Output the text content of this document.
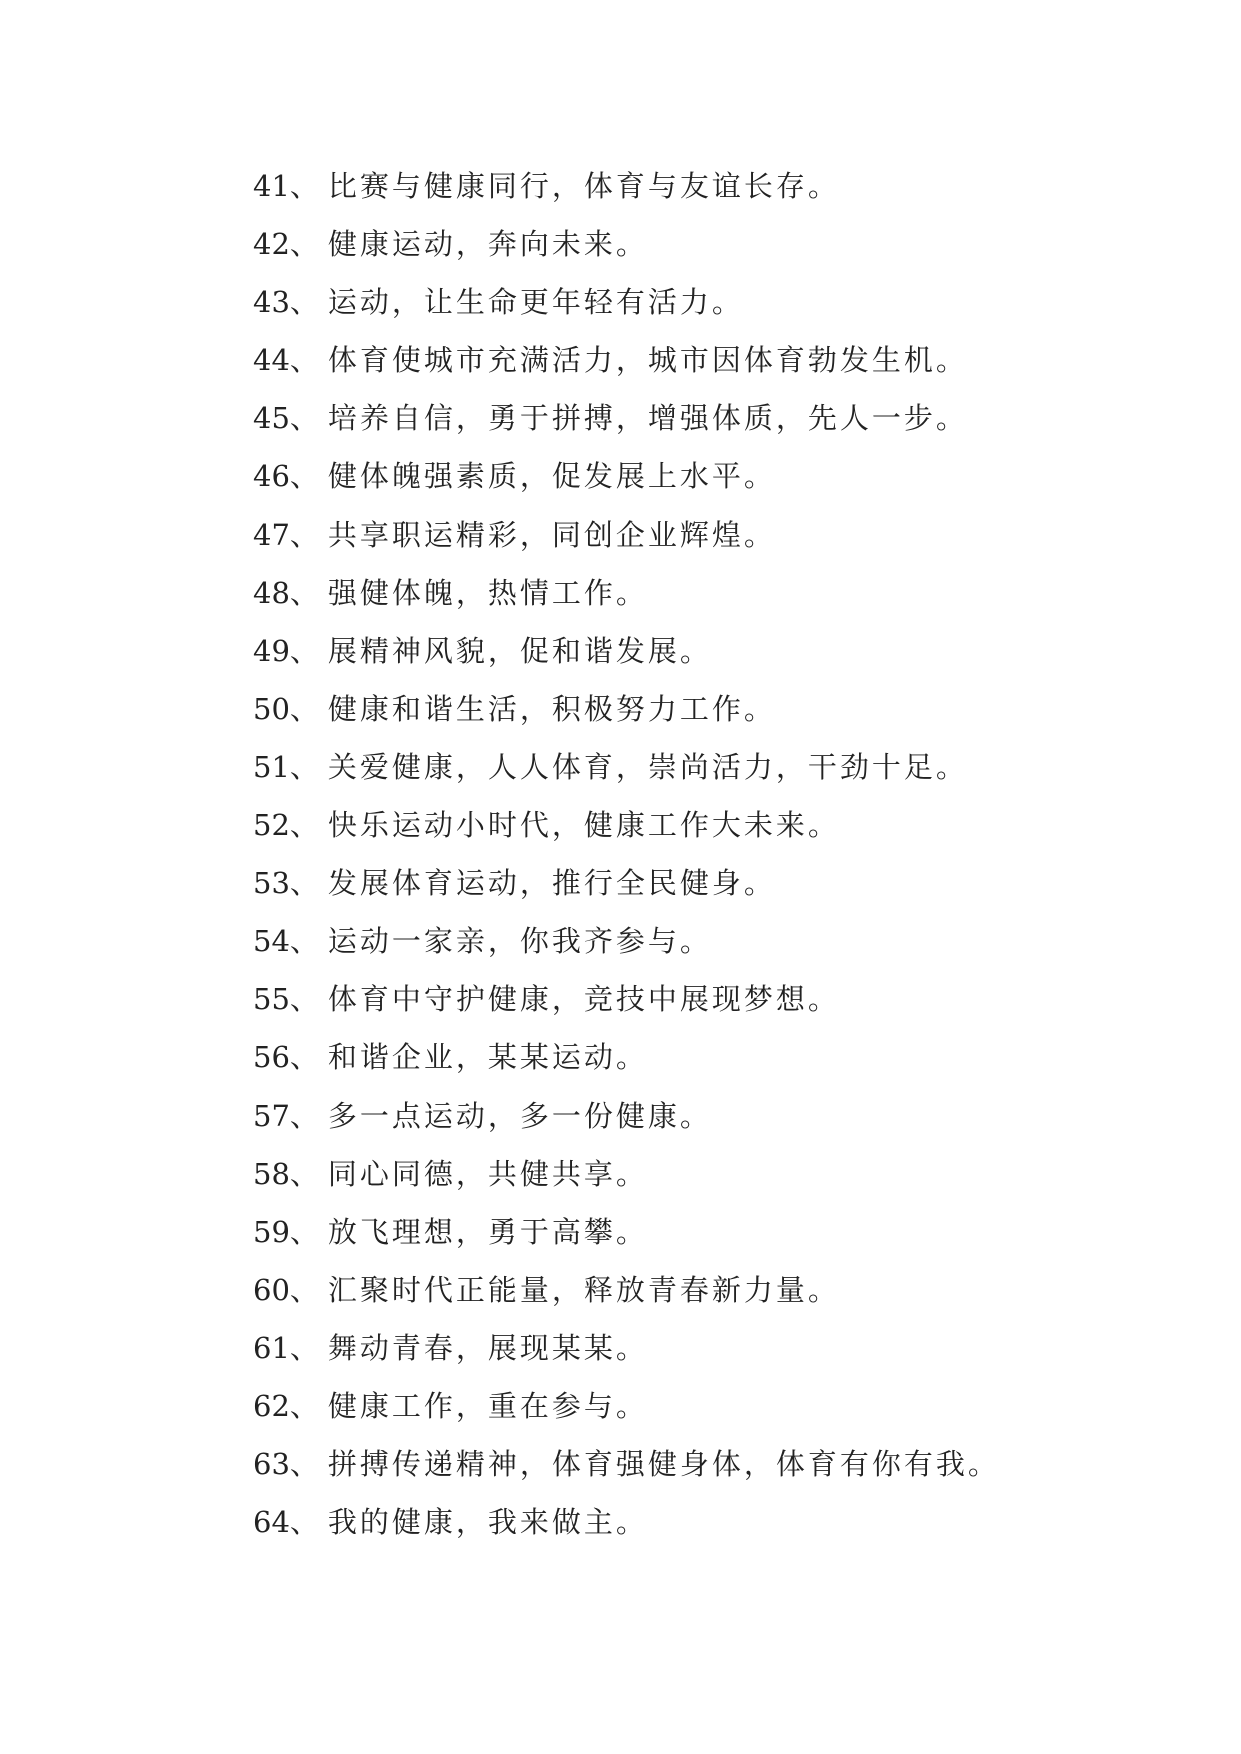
41、 比赛与健康同行，体育与友谊长存。
42、 健康运动，奔向未来。
43、 运动，让生命更年轻有活力。
44、 体育使城市充满活力，城市因体育勃发生机。
45、 培养自信，勇于拼搏，增强体质，先人一步。
46、 健体魄强素质，促发展上水平。
47、 共享职运精彩，同创企业辉煌。
48、 强健体魄，热情工作。
49、 展精神风貌，促和谐发展。
50、 健康和谐生活，积极努力工作。
51、 关爱健康，人人体育，崇尚活力，干劲十足。
52、 快乐运动小时代，健康工作大未来。
53、 发展体育运动，推行全民健身。
54、 运动一家亲，你我齐参与。
55、 体育中守护健康，竞技中展现梦想。
56、 和谐企业，某某运动。
57、 多一点运动，多一份健康。
58、 同心同德，共健共享。
59、 放飞理想，勇于高攀。
60、 汇聚时代正能量，释放青春新力量。
61、 舞动青春，展现某某。
62、 健康工作，重在参与。
63、 拼搏传递精神，体育强健身体，体育有你有我。
64、 我的健康，我来做主。
